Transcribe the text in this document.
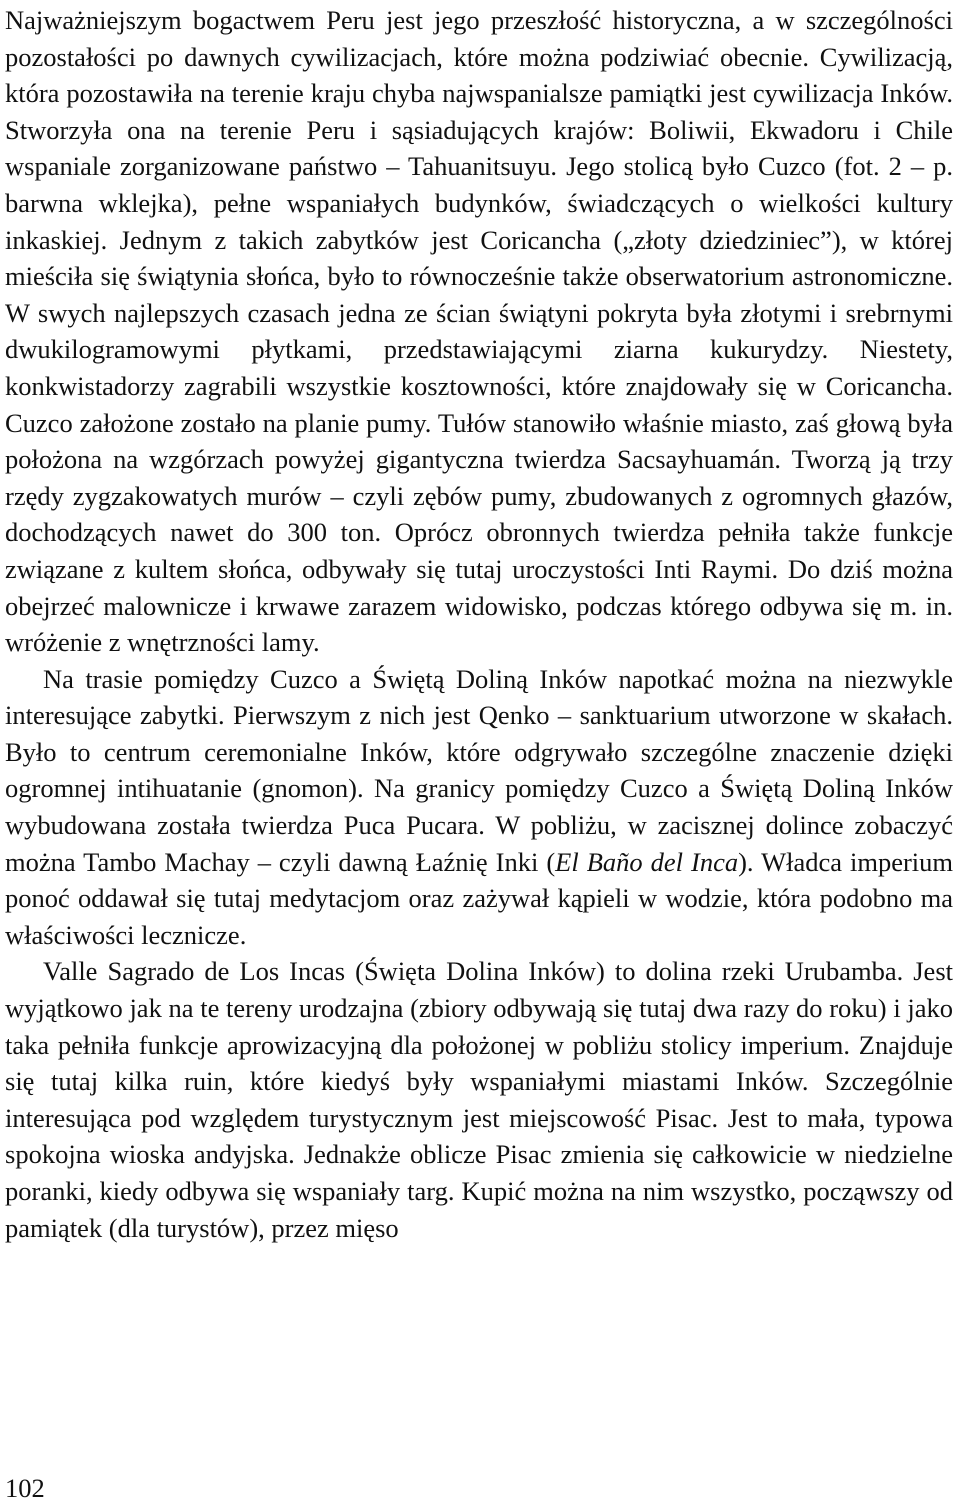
Najważniejszym bogactwem Peru jest jego przeszłość historyczna, a w szczególności pozostałości po dawnych cywilizacjach, które można podziwiać obecnie. Cywilizacją, która pozostawiła na terenie kraju chyba najwspanialsze pamiątki jest cywilizacja Inków. Stworzyła ona na terenie Peru i sąsiadujących krajów: Boliwii, Ekwadoru i Chile wspaniale zorganizowane państwo – Tahuanitsuyu. Jego stolicą było Cuzco (fot. 2 – p. barwna wklejka), pełne wspaniałych budynków, świadczących o wielkości kultury inkaskiej. Jednym z takich zabytków jest Coricancha („złoty dziedziniec”), w której mieściła się świątynia słońca, było to równocześnie także obserwatorium astronomiczne. W swych najlepszych czasach jedna ze ścian świątyni pokryta była złotymi i srebrnymi dwukilogramowymi płytkami, przedstawiającymi ziarna kukurydzy. Niestety, konkwistadorzy zagrabili wszystkie kosztowności, które znajdowały się w Coricancha. Cuzco założone zostało na planie pumy. Tułów stanowiło właśnie miasto, zaś głową była położona na wzgórzach powyżej gigantyczna twierdza Sacsayhuamán. Tworzą ją trzy rzędy zygzakowatych murów – czyli zębów pumy, zbudowanych z ogromnych głazów, dochodzących nawet do 300 ton. Oprócz obronnych twierdza pełniła także funkcje związane z kultem słońca, odbywały się tutaj uroczystości Inti Raymi. Do dziś można obejrzeć malownicze i krwawe zarazem widowisko, podczas którego odbywa się m. in. wróżenie z wnętrzności lamy.

Na trasie pomiędzy Cuzco a Świętą Doliną Inków napotkać można na niezwykle interesujące zabytki. Pierwszym z nich jest Qenko – sanktuarium utworzone w skałach. Było to centrum ceremonialne Inków, które odgrywało szczególne znaczenie dzięki ogromnej intihuatanie (gnomon). Na granicy pomiędzy Cuzco a Świętą Doliną Inków wybudowana została twierdza Puca Pucara. W pobliżu, w zacisznej dolince zobaczyć można Tambo Machay – czyli dawną Łaźnię Inki (El Baño del Inca). Władca imperium ponoć oddawał się tutaj medytacjom oraz zażywał kąpieli w wodzie, która podobno ma właściwości lecznicze.

Valle Sagrado de Los Incas (Święta Dolina Inków) to dolina rzeki Urubamba. Jest wyjątkowo jak na te tereny urodzajna (zbiory odbywają się tutaj dwa razy do roku) i jako taka pełniła funkcje aprowizacyjną dla położonej w pobliżu stolicy imperium. Znajduje się tutaj kilka ruin, które kiedyś były wspaniałymi miastami Inków. Szczególnie interesująca pod względem turystycznym jest miejscowość Pisac. Jest to mała, typowa spokojna wioska andyjska. Jednakże oblicze Pisac zmienia się całkowicie w niedzielne poranki, kiedy odbywa się wspaniały targ. Kupić można na nim wszystko, począwszy od pamiątek (dla turystów), przez mięso

102
